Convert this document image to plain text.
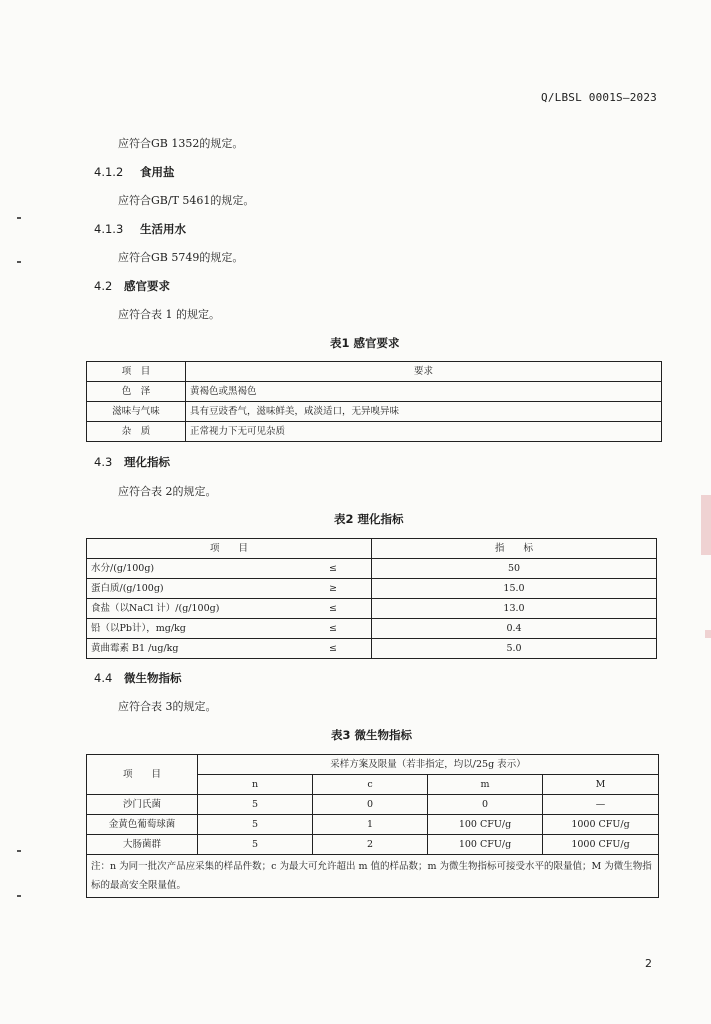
Q/LBSL 0001S—2023
应符合GB 1352的规定。
4.1.2 食用盐
应符合GB/T 5461的规定。
4.1.3 生活用水
应符合GB 5749的规定。
4.2 感官要求
应符合表 1 的规定。
表1 感官要求
项　目	要求
色　泽	黄褐色或黑褐色
滋味与气味	具有豆豉香气，滋味鲜美，咸淡适口，无异嗅异味
杂　质	正常视力下无可见杂质
4.3 理化指标
应符合表 2的规定。
表2 理化指标
项　　目		指　　标
水分/(g/100g)	≤	50
蛋白质/(g/100g)	≥	15.0
食盐（以NaCl 计）/(g/100g)	≤	13.0
铅（以Pb计），mg/kg	≤	0.4
黄曲霉素 B1 /ug/kg	≤	5.0
4.4 微生物指标
应符合表 3的规定。
表3 微生物指标
项　　目	采样方案及限量（若非指定，均以/25g 表示）			
	n	c	m	M
沙门氏菌	5	0	0	—
金黄色葡萄球菌	5	1	100 CFU/g	1000 CFU/g
大肠菌群	5	2	100 CFU/g	1000 CFU/g
注：n 为同一批次产品应采集的样品件数；c 为最大可允许超出 m 值的样品数；m 为微生物指标可接受水平的限量值；M 为微生物指标的最高安全限量值。				
2
